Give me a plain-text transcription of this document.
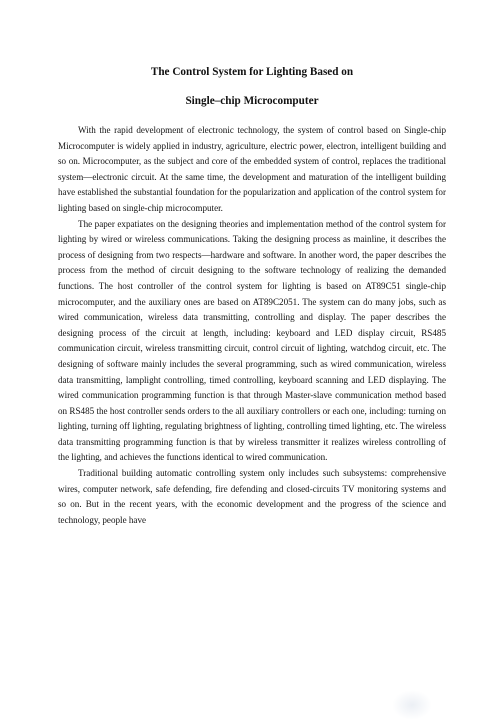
The Control System for Lighting Based on
Single–chip Microcomputer

With the rapid development of electronic technology, the system of control based on Single-chip Microcomputer is widely applied in industry, agriculture, electric power, electron, intelligent building and so on. Microcomputer, as the subject and core of the embedded system of control, replaces the traditional system—electronic circuit. At the same time, the development and maturation of the intelligent building have established the substantial foundation for the popularization and application of the control system for lighting based on single-chip microcomputer.

The paper expatiates on the designing theories and implementation method of the control system for lighting by wired or wireless communications. Taking the designing process as mainline, it describes the process of designing from two respects—hardware and software. In another word, the paper describes the process from the method of circuit designing to the software technology of realizing the demanded functions. The host controller of the control system for lighting is based on AT89C51 single-chip microcomputer, and the auxiliary ones are based on AT89C2051. The system can do many jobs, such as wired communication, wireless data transmitting, controlling and display. The paper describes the designing process of the circuit at length, including: keyboard and LED display circuit, RS485 communication circuit, wireless transmitting circuit, control circuit of lighting, watchdog circuit, etc. The designing of software mainly includes the several programming, such as wired communication, wireless data transmitting, lamplight controlling, timed controlling, keyboard scanning and LED displaying. The wired communication programming function is that through Master-slave communication method based on RS485 the host controller sends orders to the all auxiliary controllers or each one, including: turning on lighting, turning off lighting, regulating brightness of lighting, controlling timed lighting, etc. The wireless data transmitting programming function is that by wireless transmitter it realizes wireless controlling of the lighting, and achieves the functions identical to wired communication.

Traditional building automatic controlling system only includes such subsystems: comprehensive wires, computer network, safe defending, fire defending and closed-circuits TV monitoring systems and so on. But in the recent years, with the economic development and the progress of the science and technology, people have
